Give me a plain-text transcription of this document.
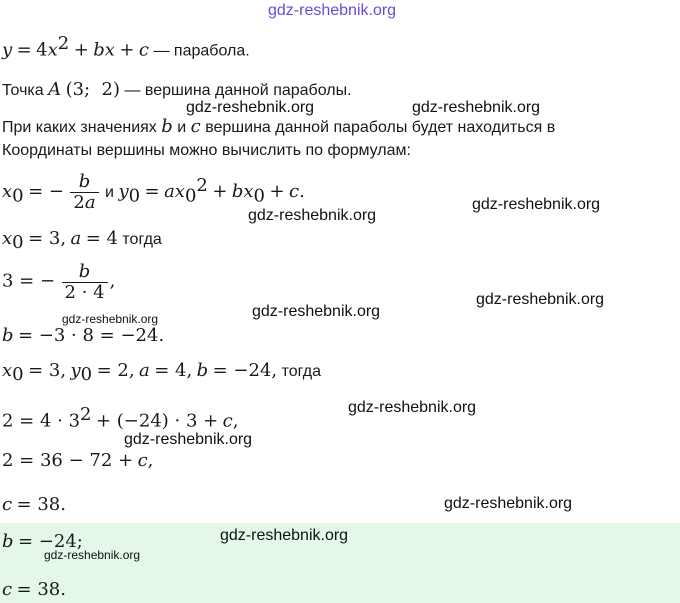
gdz-reshebnik.org
$y = 4x^2$ + bx + c — парабола.
Точка A (3;  2) — вершина данной параболы.
При каких значениях b и c вершина данной параболы будет находиться в
Координаты вершины можно вычислить по формулам:
$x_0$ = − $\frac{b}{2a}$ и $y_0 = ax_0^2 + bx_0 + c$.
$x_0 = 3$, a = 4 тогда
3 = − $\frac{b}{2 \cdot 4}$ ,
b = −3 · 8 = −24.
$x_0 = 3$, $y_0 = 2$, a = 4, b = −24, тогда
$2 = 4 \cdot 3^2 + (-24) \cdot 3 + c$,
2 = 36 − 72 + c,
c = 38.
b = −24;
c = 38.
gdz-reshebnik.org	gdz-reshebnik.org
gdz-reshebnik.org
gdz-reshebnik.org
gdz-reshebnik.org
gdz-reshebnik.org
gdz-reshebnik.org
gdz-reshebnik.org
gdz-reshebnik.org
gdz-reshebnik.org
gdz-reshebnik.org
gdz-reshebnik.org
